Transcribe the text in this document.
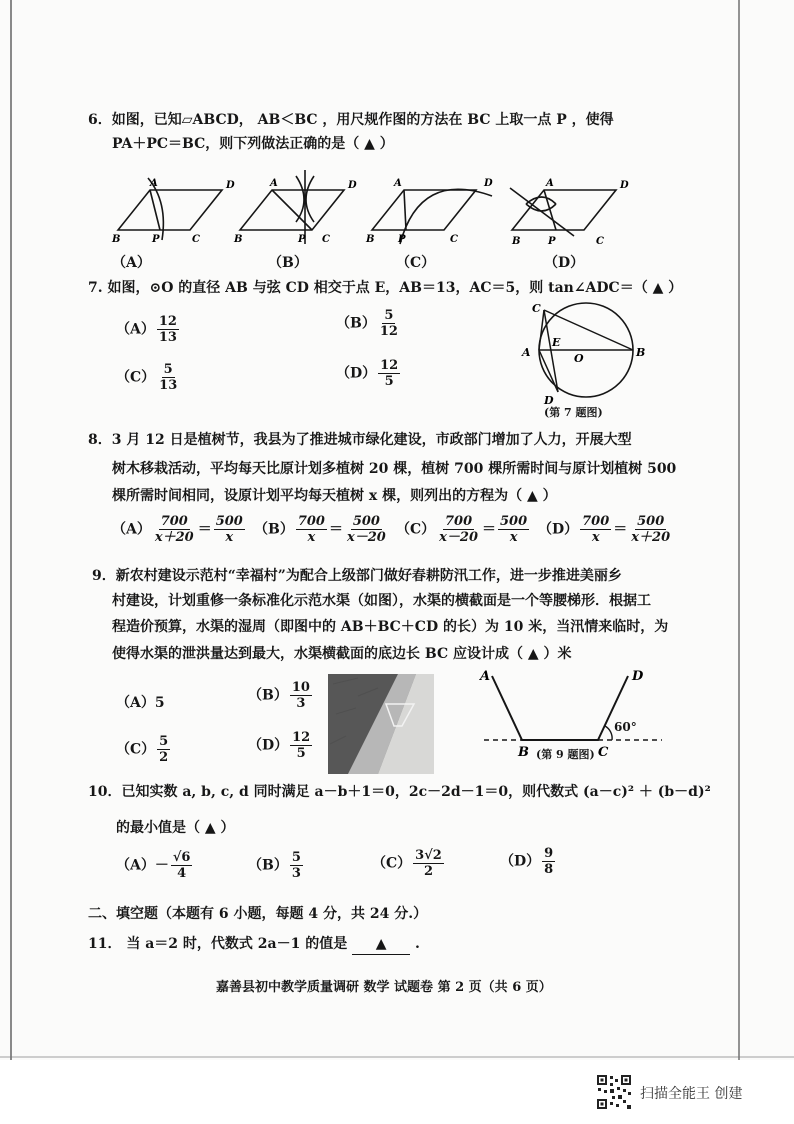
6．如图，已知▱ABCD， AB＜BC ，用尺规作图的方法在 BC 上取一点 P ，使得
PA＋PC＝BC，则下列做法正确的是（ ▲ ）
A	D
B	P	C
A	D
B	P C
A	D
B P	C
A	D
B	P	C
（A）	（B）	（C）	（D）
7. 如图，⊙O 的直径 AB 与弦 CD 相交于点 E，AB＝13，AC＝5，则 tan∠ADC＝（ ▲ ）
$(A) \frac{12}{13}$	$(B) \frac{5}{12}$
$(C) \frac{5}{13}$	$(D) \frac{12}{5}$
C
A
E
O	B
D
(第 7 题图)
8．3 月 12 日是植树节，我县为了推进城市绿化建设，市政部门增加了人力，开展大型
树木移栽活动，平均每天比原计划多植树 20 棵，植树 700 棵所需时间与原计划植树 500
棵所需时间相同，设原计划平均每天植树 x 棵，则列出的方程为（ ▲ ）
$(A) \frac{700}{x+20} = \frac{500}{x} (B) \frac{700}{x} = \frac{500}{x-20} (C) \frac{700}{x-20} = \frac{500}{x} (D) \frac{700}{x} = \frac{500}{x+20}$
9．新农村建设示范村“幸福村”为配合上级部门做好春耕防汛工作，进一步推进美丽乡
村建设，计划重修一条标准化示范水渠（如图），水渠的横截面是一个等腰梯形．根据工
程造价预算，水渠的湿周（即图中的 AB＋BC＋CD 的长）为 10 米，当汛情来临时，为
使得水渠的泄洪量达到最大，水渠横截面的底边长 BC 应设计成（ ▲ ）米
（A）5	$(B) \frac{10}{3}$
$(C) \frac{5}{2}$	$(D) \frac{12}{5}$
A	D
B	C
60°
(第 9 题图)
10．已知实数 a, b, c, d 同时满足 a－b＋1＝0，2c－2d－1＝0，则代数式 (a－c)² ＋ (b－d)²
的最小值是（ ▲ ）
$(A)- \frac{√6}{4}$	$(B) \frac{5}{3}$	$(C) \frac{3√2}{2}$	$(D) \frac{9}{8}$
二、填空题（本题有 6 小题，每题 4 分，共 24 分.）
11． 当 a＝2 时，代数式 2a－1 的值是 ▲ .
嘉善县初中教学质量调研 数学 试题卷 第 2 页（共 6 页）
扫描全能王 创建
